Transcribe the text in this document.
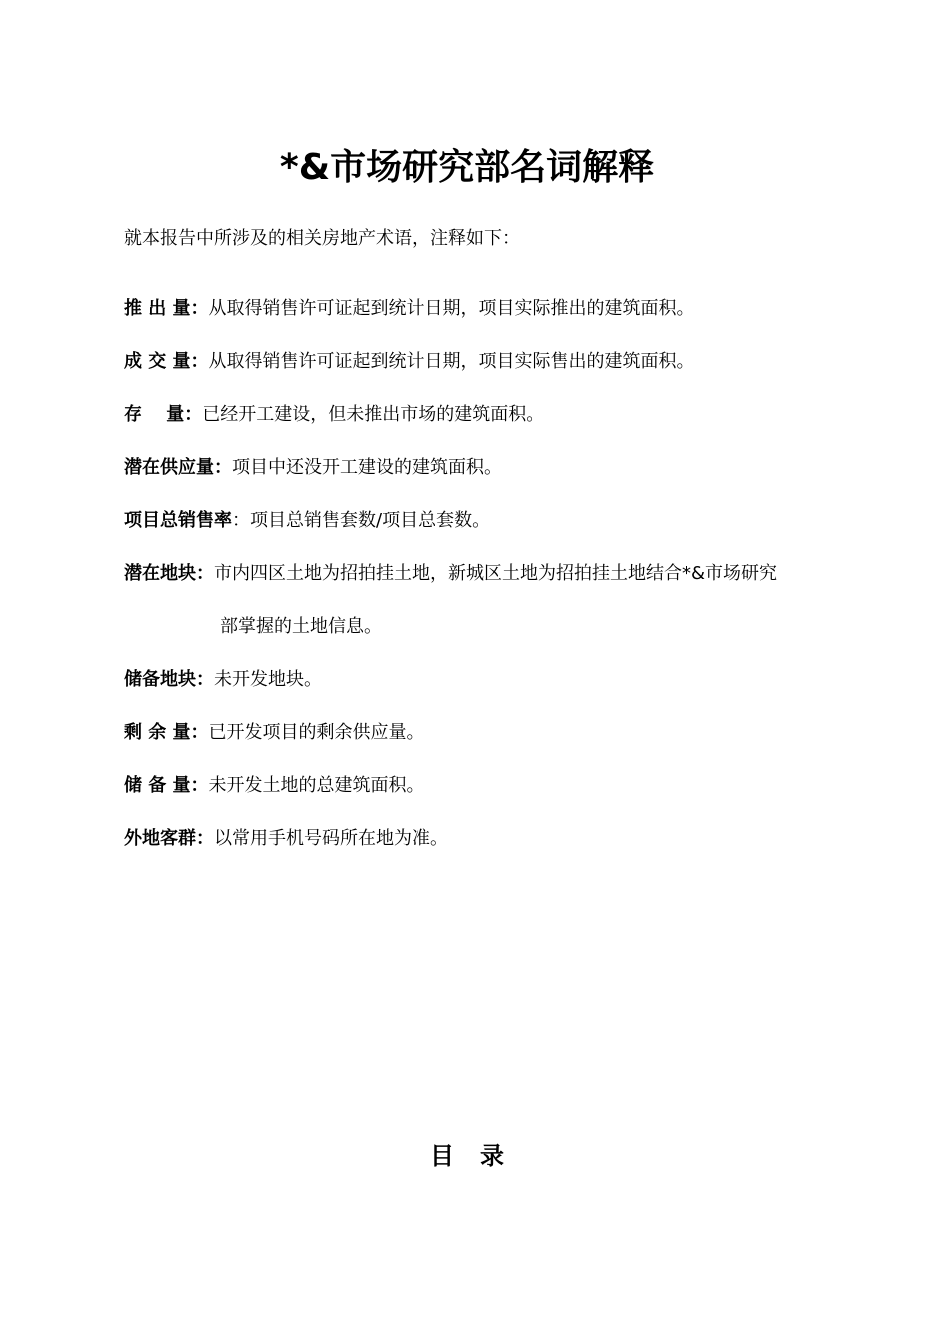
*&市场研究部名词解释
就本报告中所涉及的相关房地产术语，注释如下：
推 出 量：从取得销售许可证起到统计日期，项目实际推出的建筑面积。
成 交 量：从取得销售许可证起到统计日期，项目实际售出的建筑面积。
存　 量：已经开工建设，但未推出市场的建筑面积。
潜在供应量：项目中还没开工建设的建筑面积。
项目总销售率：项目总销售套数/项目总套数。
潜在地块：市内四区土地为招拍挂土地，新城区土地为招拍挂土地结合*&市场研究
部掌握的土地信息。
储备地块：未开发地块。
剩 余 量：已开发项目的剩余供应量。
储 备 量：未开发土地的总建筑面积。
外地客群：以常用手机号码所在地为准。
目录
